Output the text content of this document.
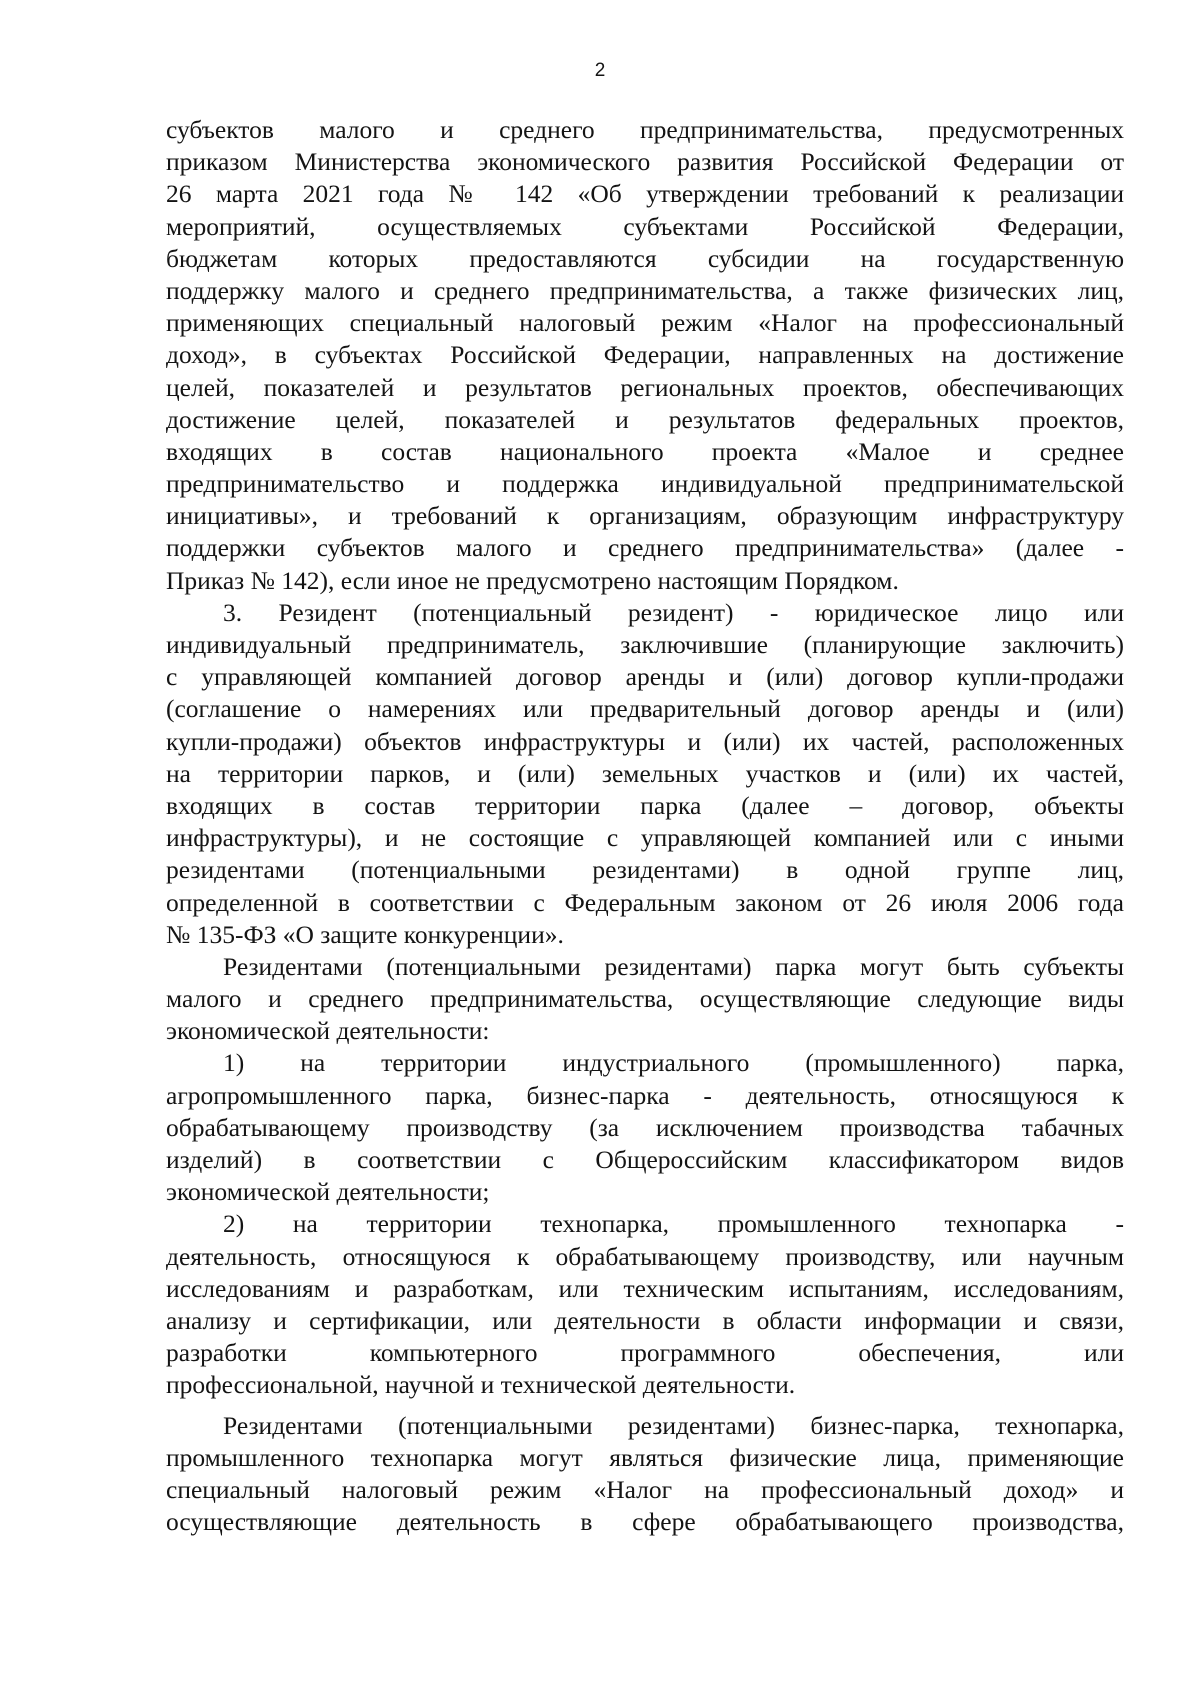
2
субъектов малого и среднего предпринимательства, предусмотренных
приказом Министерства экономического развития Российской Федерации от
26 марта 2021 года № 142 «Об утверждении требований к реализации
мероприятий, осуществляемых субъектами Российской Федерации,
бюджетам которых предоставляются субсидии на государственную
поддержку малого и среднего предпринимательства, а также физических лиц,
применяющих специальный налоговый режим «Налог на профессиональный
доход», в субъектах Российской Федерации, направленных на достижение
целей, показателей и результатов региональных проектов, обеспечивающих
достижение целей, показателей и результатов федеральных проектов,
входящих в состав национального проекта «Малое и среднее
предпринимательство и поддержка индивидуальной предпринимательской
инициативы», и требований к организациям, образующим инфраструктуру
поддержки субъектов малого и среднего предпринимательства» (далее -
Приказ № 142), если иное не предусмотрено настоящим Порядком.
3. Резидент (потенциальный резидент) - юридическое лицо или
индивидуальный предприниматель, заключившие (планирующие заключить)
с управляющей компанией договор аренды и (или) договор купли-продажи
(соглашение о намерениях или предварительный договор аренды и (или)
купли-продажи) объектов инфраструктуры и (или) их частей, расположенных
на территории парков, и (или) земельных участков и (или) их частей,
входящих в состав территории парка (далее – договор, объекты
инфраструктуры), и не состоящие с управляющей компанией или с иными
резидентами (потенциальными резидентами) в одной группе лиц,
определенной в соответствии с Федеральным законом от 26 июля 2006 года
№ 135-ФЗ «О защите конкуренции».
Резидентами (потенциальными резидентами) парка могут быть субъекты
малого и среднего предпринимательства, осуществляющие следующие виды
экономической деятельности:
1) на территории индустриального (промышленного) парка,
агропромышленного парка, бизнес-парка - деятельность, относящуюся к
обрабатывающему производству (за исключением производства табачных
изделий) в соответствии с Общероссийским классификатором видов
экономической деятельности;
2) на территории технопарка, промышленного технопарка -
деятельность, относящуюся к обрабатывающему производству, или научным
исследованиям и разработкам, или техническим испытаниям, исследованиям,
анализу и сертификации, или деятельности в области информации и связи,
разработки компьютерного программного обеспечения, или
профессиональной, научной и технической деятельности.
Резидентами (потенциальными резидентами) бизнес-парка, технопарка,
промышленного технопарка могут являться физические лица, применяющие
специальный налоговый режим «Налог на профессиональный доход» и
осуществляющие деятельность в сфере обрабатывающего производства,
